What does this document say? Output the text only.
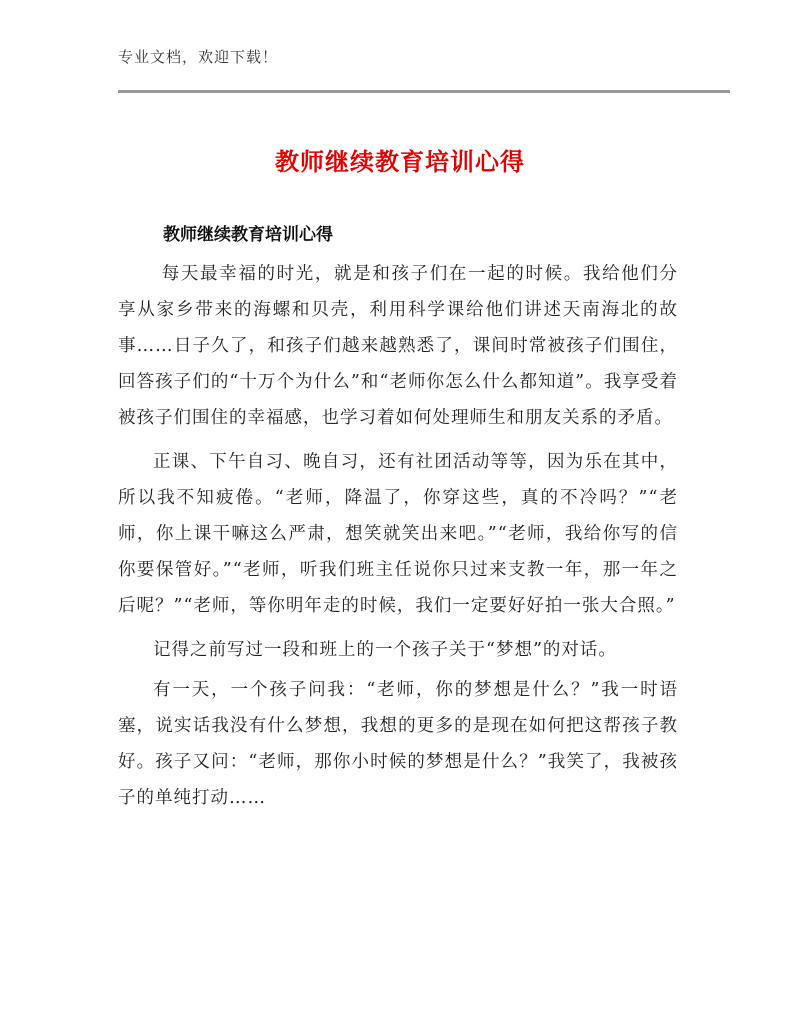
专业文档，欢迎下载！
教师继续教育培训心得
教师继续教育培训心得

每天最幸福的时光，就是和孩子们在一起的时候。我给他们分享从家乡带来的海螺和贝壳，利用科学课给他们讲述天南海北的故事……日子久了，和孩子们越来越熟悉了，课间时常被孩子们围住，回答孩子们的“十万个为什么”和“老师你怎么什么都知道”。我享受着被孩子们围住的幸福感，也学习着如何处理师生和朋友关系的矛盾。

正课、下午自习、晚自习，还有社团活动等等，因为乐在其中，所以我不知疲倦。“老师，降温了，你穿这些，真的不冷吗？”“老师，你上课干嘛这么严肃，想笑就笑出来吧。”“老师，我给你写的信你要保管好。”“老师，听我们班主任说你只过来支教一年，那一年之后呢？”“老师，等你明年走的时候，我们一定要好好拍一张大合照。”

记得之前写过一段和班上的一个孩子关于“梦想”的对话。

有一天，一个孩子问我：“老师，你的梦想是什么？”我一时语塞，说实话我没有什么梦想，我想的更多的是现在如何把这帮孩子教好。孩子又问：“老师，那你小时候的梦想是什么？”我笑了，我被孩子的单纯打动……
